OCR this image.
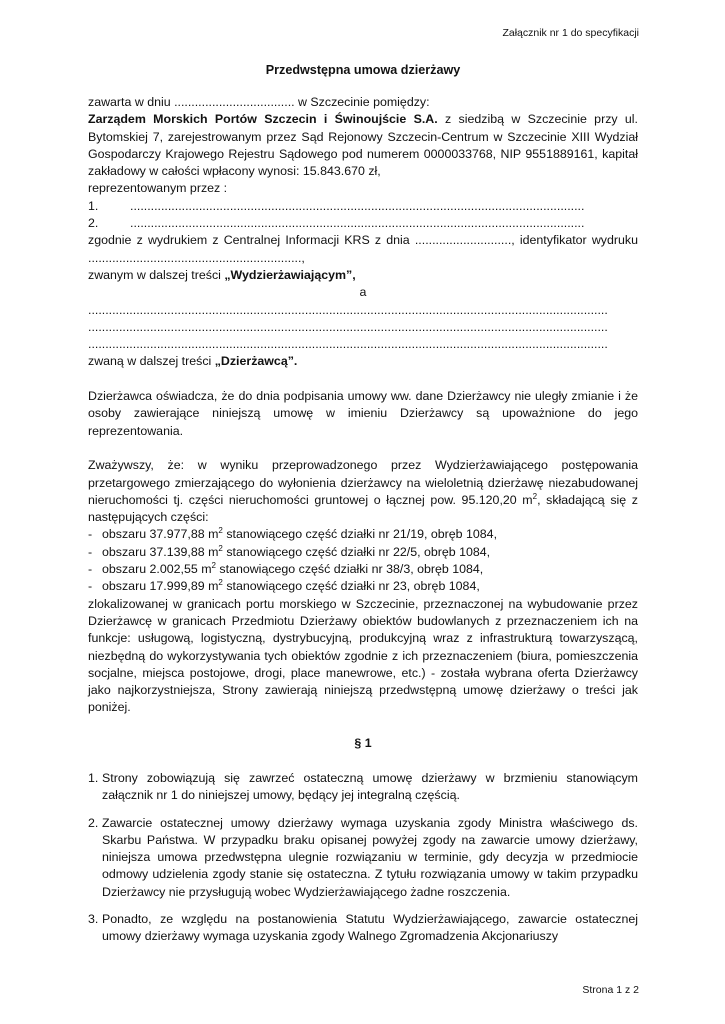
Załącznik nr 1 do specyfikacji
Przedwstępna umowa dzierżawy

zawarta w dniu ................................... w Szczecinie pomiędzy:

Zarządem Morskich Portów Szczecin i Świnoujście S.A. z siedzibą w Szczecinie przy ul. Bytomskiej 7, zarejestrowanym przez Sąd Rejonowy Szczecin-Centrum w Szczecinie XIII Wydział Gospodarczy Krajowego Rejestru Sądowego pod numerem 0000033768, NIP 9551889161, kapitał zakładowy w całości wpłacony wynosi: 15.843.670 zł,

reprezentowanym przez :

1.	....................................................................................................................................
2.	....................................................................................................................................

zgodnie z wydrukiem z Centralnej Informacji KRS z dnia ............................, identyfikator wydruku ..............................................................,

zwanym w dalszej treści „Wydzierżawiającym”,

a
.......................................................................................................................................................
.......................................................................................................................................................
.......................................................................................................................................................

zwaną w dalszej treści „Dzierżawcą”.

Dzierżawca oświadcza, że do dnia podpisania umowy ww. dane Dzierżawcy nie uległy zmianie i że osoby zawierające niniejszą umowę w imieniu Dzierżawcy są upoważnione do jego reprezentowania.

Zważywszy, że: w wyniku przeprowadzonego przez Wydzierżawiającego postępowania przetargowego zmierzającego do wyłonienia dzierżawcy na wieloletnią dzierżawę niezabudowanej nieruchomości tj. części nieruchomości gruntowej o łącznej pow. 95.120,20 $m^2$, składającą się z następujących części:

- obszaru 37.977,88 $m^2$ stanowiącego część działki nr 21/19, obręb 1084,
- obszaru 37.139,88 $m^2$ stanowiącego część działki nr 22/5, obręb 1084,
- obszaru 2.002,55 $m^2$ stanowiącego część działki nr 38/3, obręb 1084,
- obszaru 17.999,89 $m^2$ stanowiącego część działki nr 23, obręb 1084,

zlokalizowanej w granicach portu morskiego w Szczecinie, przeznaczonej na wybudowanie przez Dzierżawcę w granicach Przedmiotu Dzierżawy obiektów budowlanych z przeznaczeniem ich na funkcje: usługową, logistyczną, dystrybucyjną, produkcyjną wraz z infrastrukturą towarzyszącą, niezbędną do wykorzystywania tych obiektów zgodnie z ich przeznaczeniem (biura, pomieszczenia socjalne, miejsca postojowe, drogi, place manewrowe, etc.) - została wybrana oferta Dzierżawcy jako najkorzystniejsza, Strony zawierają niniejszą przedwstępną umowę dzierżawy o treści jak poniżej.

§ 1
1. Strony zobowiązują się zawrzeć ostateczną umowę dzierżawy w brzmieniu stanowiącym załącznik nr 1 do niniejszej umowy, będący jej integralną częścią.
2. Zawarcie ostatecznej umowy dzierżawy wymaga uzyskania zgody Ministra właściwego ds. Skarbu Państwa. W przypadku braku opisanej powyżej zgody na zawarcie umowy dzierżawy, niniejsza umowa przedwstępna ulegnie rozwiązaniu w terminie, gdy decyzja w przedmiocie odmowy udzielenia zgody stanie się ostateczna. Z tytułu rozwiązania umowy w takim przypadku Dzierżawcy nie przysługują wobec Wydzierżawiającego żadne roszczenia.
3. Ponadto, ze względu na postanowienia Statutu Wydzierżawiającego, zawarcie ostatecznej umowy dzierżawy wymaga uzyskania zgody Walnego Zgromadzenia Akcjonariuszy
Strona 1 z 2
